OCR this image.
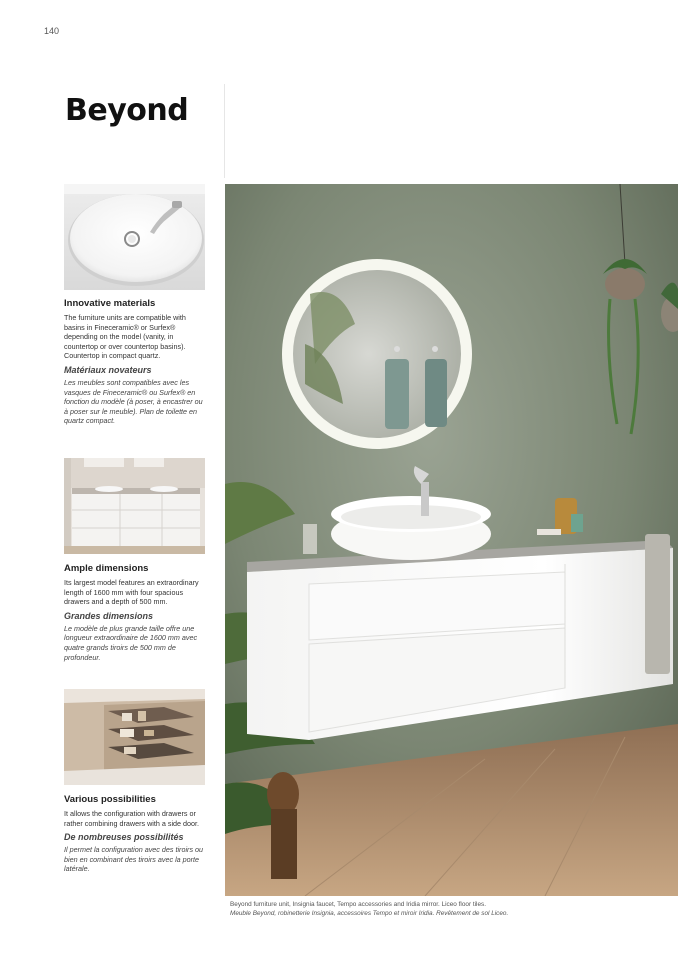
140
Beyond
Innovative materials
The furniture units are compatible with basins in Fineceramic® or Surfex® depending on the model (vanity, in countertop or over countertop basins). Countertop in compact quartz.
Matériaux novateurs
Les meubles sont compatibles avec les vasques de Fineceramic® ou Surfex® en fonction du modèle (à poser, à encastrer ou à poser sur le meuble). Plan de toilette en quartz compact.
Ample dimensions
Its largest model features an extraordinary length of 1600 mm with four spacious drawers and a depth of 500 mm.
Grandes dimensions
Le modèle de plus grande taille offre une longueur extraordinaire de 1600 mm avec quatre grands tiroirs de 500 mm de profondeur.
Various possibilities
It allows the configuration with drawers or rather combining drawers with a side door.
De nombreuses possibilités
Il permet la configuration avec des tiroirs ou bien en combinant des tiroirs avec la porte latérale.
Beyond furniture unit, Insignia faucet, Tempo accessories and Iridia mirror. Liceo floor tiles.
Meuble Beyond, robinetterie Insignia, accessoires Tempo et miroir Iridia. Revêtement de sol Liceo.
